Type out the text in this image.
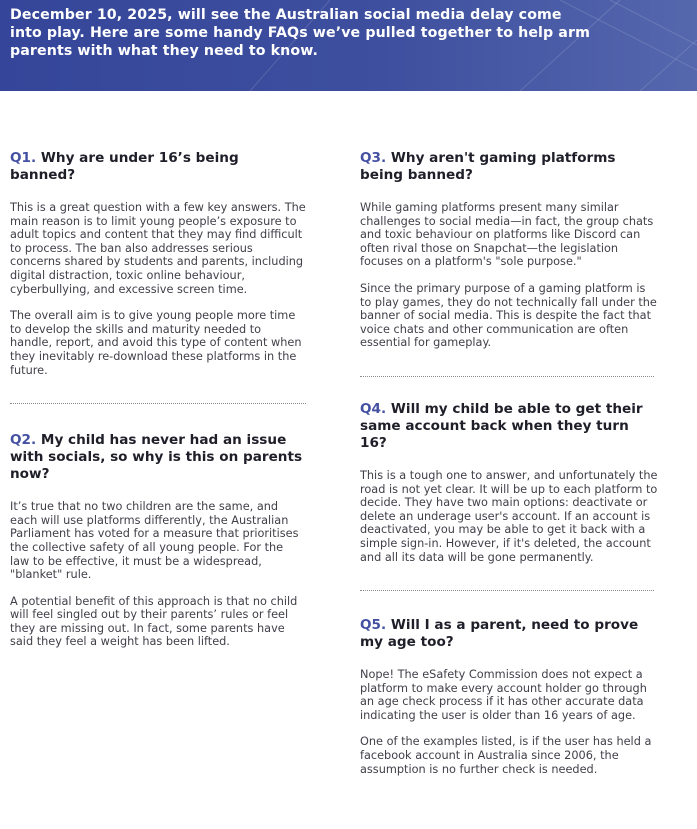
December 10, 2025, will see the Australian social media delay come into play. Here are some handy FAQs we’ve pulled together to help arm parents with what they need to know.
Q1. Why are under 16’s being banned?

This is a great question with a few key answers. The main reason is to limit young people’s exposure to adult topics and content that they may find difficult to process. The ban also addresses serious concerns shared by students and parents, including digital distraction, toxic online behaviour, cyberbullying, and excessive screen time.

The overall aim is to give young people more time to develop the skills and maturity needed to handle, report, and avoid this type of content when they inevitably re-download these platforms in the future.

Q2. My child has never had an issue with socials, so why is this on parents now?

It’s true that no two children are the same, and each will use platforms differently, the Australian Parliament has voted for a measure that prioritises the collective safety of all young people. For the law to be effective, it must be a widespread, "blanket" rule.

A potential benefit of this approach is that no child will feel singled out by their parents’ rules or feel they are missing out. In fact, some parents have said they feel a weight has been lifted.

Q3. Why aren't gaming platforms being banned?

While gaming platforms present many similar challenges to social media—in fact, the group chats and toxic behaviour on platforms like Discord can often rival those on Snapchat—the legislation focuses on a platform's "sole purpose."

Since the primary purpose of a gaming platform is to play games, they do not technically fall under the banner of social media. This is despite the fact that voice chats and other communication are often essential for gameplay.

Q4. Will my child be able to get their same account back when they turn 16?

This is a tough one to answer, and unfortunately the road is not yet clear. It will be up to each platform to decide. They have two main options: deactivate or delete an underage user's account. If an account is deactivated, you may be able to get it back with a simple sign-in. However, if it's deleted, the account and all its data will be gone permanently.

Q5. Will I as a parent, need to prove my age too?

Nope! The eSafety Commission does not expect a platform to make every account holder go through an age check process if it has other accurate data indicating the user is older than 16 years of age.

One of the examples listed, is if the user has held a facebook account in Australia since 2006, the assumption is no further check is needed.
